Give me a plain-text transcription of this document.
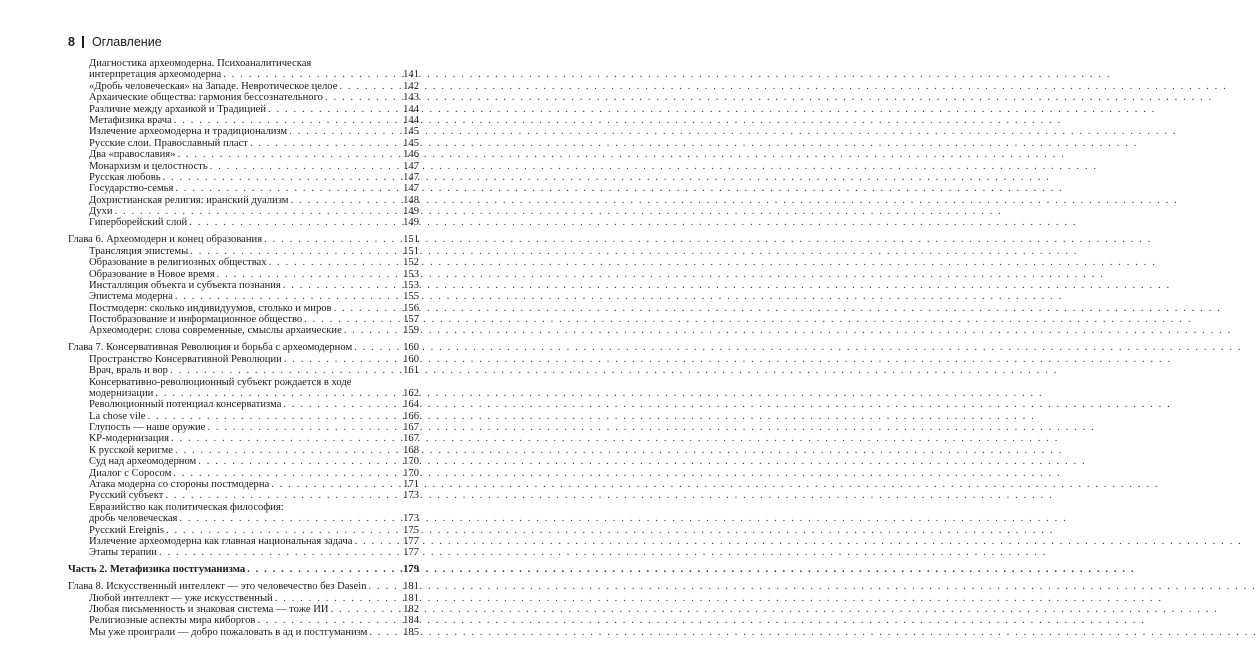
8 Оглавление
Диагностика археомодерна. Психоаналитическая
интерпретация археомодерна . . .	141
«Дробь человеческая» на Западе. Невротическое целое . . .	142
Архаические общества: гармония бессознательного . . .	143
Различие между архаикой и Традицией . . .	144
Метафизика врача . . .	144
Излечение археомодерна и традиционализм . . .	145
Русские слои. Православный пласт . . .	145
Два «православия» . . .	146
Монархизм и целостность . . .	147
Русская любовь . . .	147
Государство-семья . . .	147
Дохристианская религия: иранский дуализм . . .	148
Духи . . .	149
Гиперборейский слой . . .	149
Глава 6. Археомодерн и конец образования . . .	151
Трансляция эпистемы . . .	151
Образование в религиозных обществах . . .	152
Образование в Новое время . . .	153
Инсталляция объекта и субъекта познания . . .	153
Эпистема модерна . . .	155
Постмодерн: сколько индивидуумов, столько и миров . . .	156
Постобразование и информационное общество . . .	157
Археомодерн: слова современные, смыслы архаические . . .	159
Глава 7. Консервативная Революция и борьба с археомодерном . . .	160
Пространство Консервативной Революции . . .	160
Врач, враль и вор . . .	161
Консервативно-революционный субъект рождается в ходе
модернизации . . .	162
Революционный потенциал консерватизма . . .	164
La chose vile . . .	166
Глупость — наше оружие . . .	167
КР-модернизация . . .	167
К русской керигме . . .	168
Суд над археомодерном . . .	170
Диалог с Соросом . . .	170
Атака модерна со стороны постмодерна . . .	171
Русский субъект . . .	173
Евразийство как политическая философия:
дробь человеческая . . .	173
Русский Ereignis . . .	175
Излечение археомодерна как главная национальная задача . . .	177
Этапы терапии . . .	177
Часть 2. Метафизика постгуманизма . . .	179
Глава 8. Искусственный интеллект — это человечество без Dasein . . .	181
Любой интеллект — уже искусственный . . .	181
Любая письменность и знаковая система — тоже ИИ . . .	182
Религиозные аспекты мира киборгов . . .	184
Мы уже проиграли — добро пожаловать в ад и постгуманизм . . .	185
